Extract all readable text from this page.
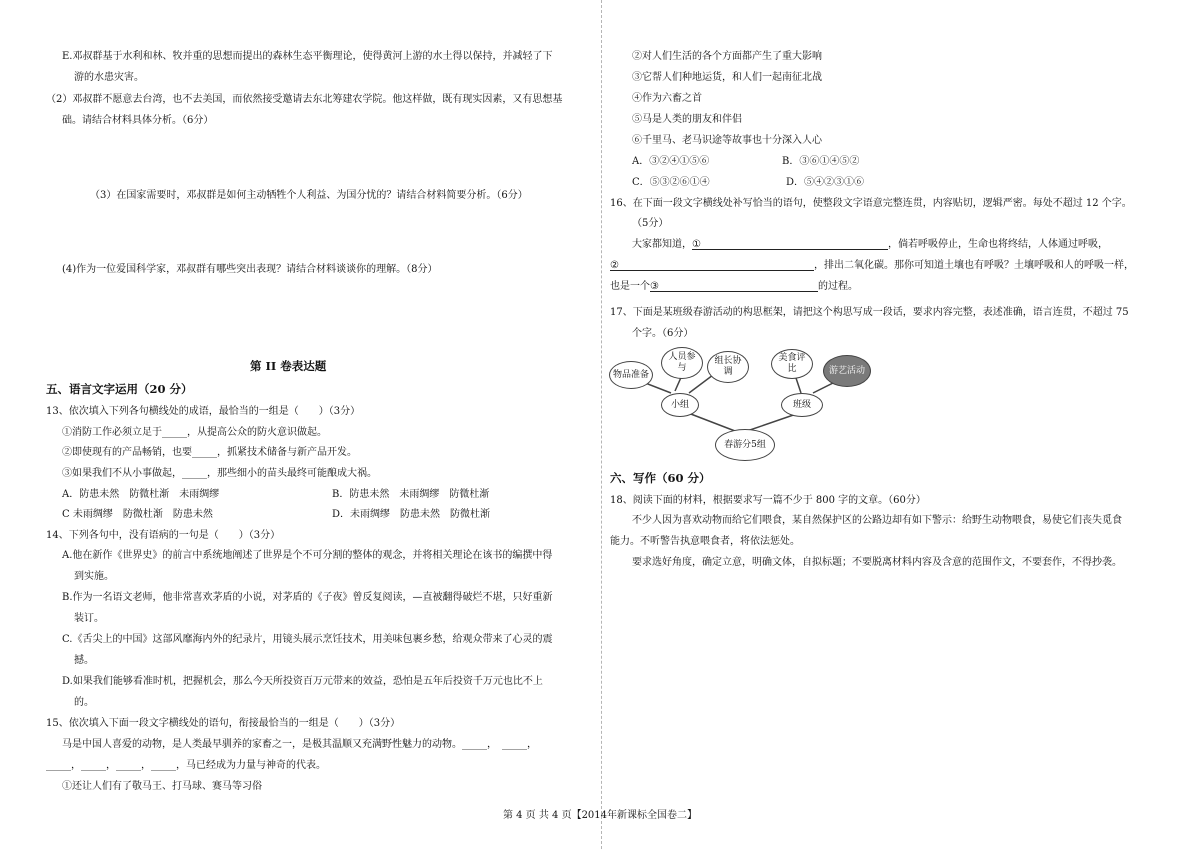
E.邓叔群基于水利和林、牧并重的思想而提出的森林生态平衡理论，使得黄河上游的水土得以保持，并减轻了下
游的水患灾害。
（2）邓叔群不愿意去台湾，也不去美国，而依然接受邀请去东北筹建农学院。他这样做，既有现实因素，又有思想基
础。请结合材料具体分析。（6分）
（3）在国家需要时，邓叔群是如何主动牺牲个人利益、为国分忧的？请结合材料简要分析。（6分）
(4)作为一位爱国科学家，邓叔群有哪些突出表现？请结合材料谈谈你的理解。（8分）
第 II 卷表达题
五、语言文字运用（20 分）
13、依次填入下列各句横线处的成语，最恰当的一组是（　　）（3分）
①消防工作必须立足于_____，从提高公众的防火意识做起。
②即使现有的产品畅销，也要_____，抓紧技术储备与新产品开发。
③如果我们不从小事做起，_____，那些细小的苗头最终可能酿成大祸。
A．防患未然　防微杜渐　未雨绸缪	B．防患未然　未雨绸缪　防微杜渐
C 未雨绸缪　防微杜渐　防患未然	D．未雨绸缪　防患未然　防微杜渐
14、下列各句中，没有语病的一句是（　　）（3分）
A.他在新作《世界史》的前言中系统地阐述了世界是个不可分割的整体的观念，并将相关理论在该书的编撰中得
到实施。
B.作为一名语文老师，他非常喜欢茅盾的小说，对茅盾的《子夜》曾反复阅读，—直被翻得破烂不堪，只好重新
装订。
C.《舌尖上的中国》这部风靡海内外的纪录片，用镜头展示烹饪技术，用美味包裹乡愁，给观众带来了心灵的震
撼。
D.如果我们能够看准时机，把握机会，那么今天所投资百万元带来的效益，恐怕是五年后投资千万元也比不上
的。
15、依次填入下面一段文字横线处的语句，衔接最恰当的一组是（　　）（3分）
马是中国人喜爱的动物，是人类最早驯养的家畜之一，是极其温顺又充满野性魅力的动物。_____，　_____，
_____，_____，_____，_____，马已经成为力量与神奇的代表。
①还让人们有了敬马王、打马球、赛马等习俗
②对人们生活的各个方面都产生了重大影响
③它帮人们种地运货，和人们一起南征北战
④作为六畜之首
⑤马是人类的朋友和伴侣
⑥千里马、老马识途等故事也十分深入人心
A．③②④①⑤⑥	B．③⑥①④⑤②
C．⑤③②⑥①④	D．⑤④②③①⑥
16、在下面一段文字横线处补写恰当的语句，使整段文字语意完整连贯，内容贴切，逻辑严密。每处不超过 12 个字。
（5分）
大家都知道，①	，倘若呼吸停止，生命也将终结，人体通过呼吸，
②	，排出二氧化碳。那你可知道土壤也有呼吸？土壤呼吸和人的呼吸一样，
也是一个③	的过程。
17、下面是某班级春游活动的构思框架，请把这个构思写成一段话，要求内容完整，表述准确，语言连贯，不超过 75
个字。（6分）
六、写作（60 分）
18、阅读下面的材料，根据要求写一篇不少于 800 字的文章。（60分）
不少人因为喜欢动物而给它们喂食，某自然保护区的公路边却有如下警示：给野生动物喂食，易使它们丧失觅食
能力。不听警告执意喂食者，将依法惩处。
要求选好角度，确定立意，明确文体，自拟标题；不要脱离材料内容及含意的范围作文，不要套作，不得抄袭。
物品准备
人员参与
组长协调
小组
美食评比	游艺活动
班级
春游分5组
第 4 页 共 4 页【2014年新课标全国卷二】
